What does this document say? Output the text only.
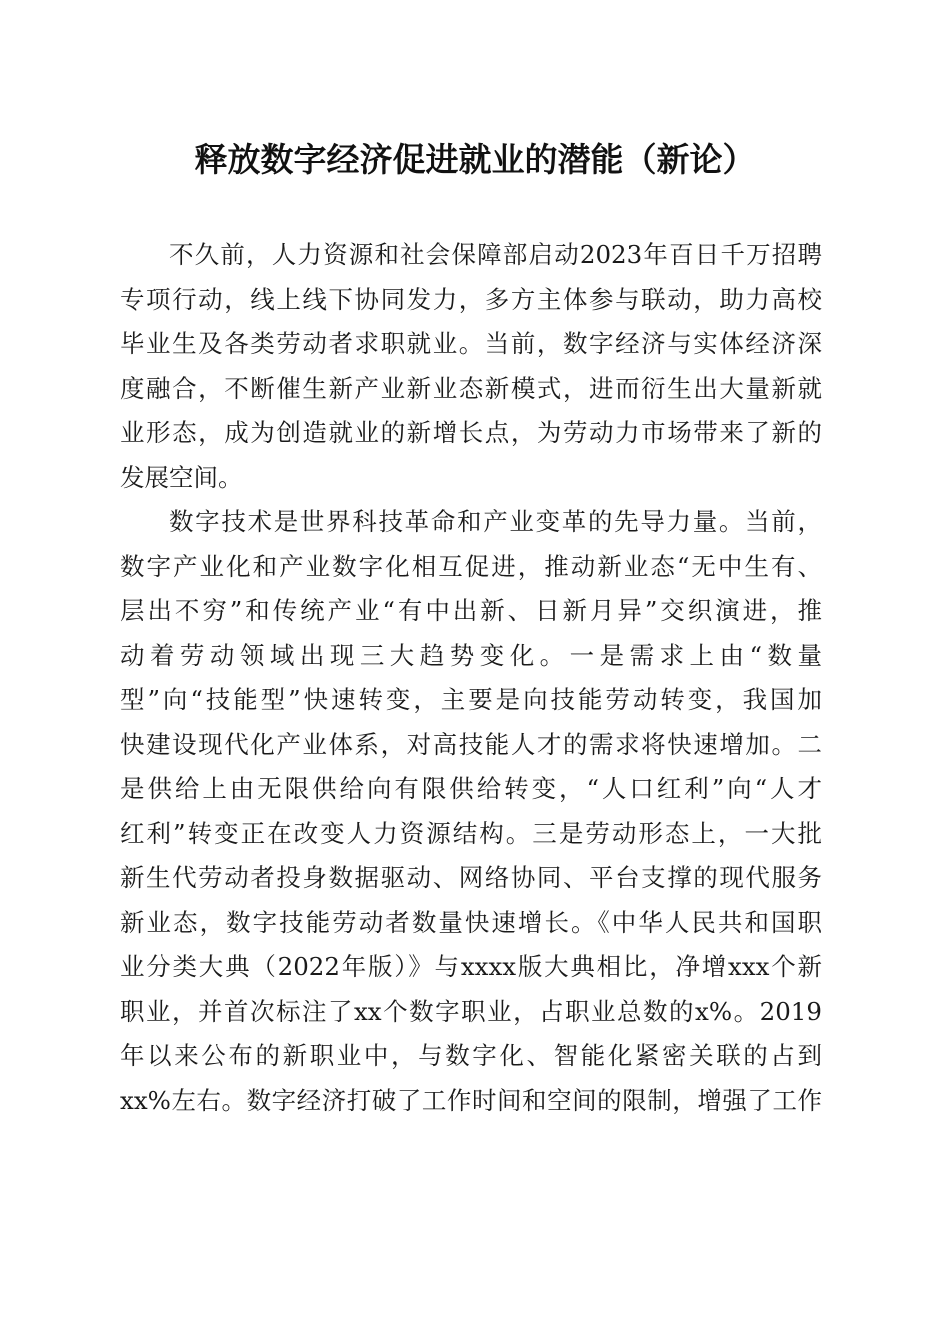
释放数字经济促进就业的潜能（新论）
不久前，人力资源和社会保障部启动2023年百日千万招聘
专项行动，线上线下协同发力，多方主体参与联动，助力高校
毕业生及各类劳动者求职就业。当前，数字经济与实体经济深
度融合，不断催生新产业新业态新模式，进而衍生出大量新就
业形态，成为创造就业的新增长点，为劳动力市场带来了新的
发展空间。
数字技术是世界科技革命和产业变革的先导力量。当前，
数字产业化和产业数字化相互促进，推动新业态“无中生有、
层出不穷”和传统产业“有中出新、日新月异”交织演进，推
动着劳动领域出现三大趋势变化。一是需求上由“数量
型”向“技能型”快速转变，主要是向技能劳动转变，我国加
快建设现代化产业体系，对高技能人才的需求将快速增加。二
是供给上由无限供给向有限供给转变，“人口红利”向“人才
红利”转变正在改变人力资源结构。三是劳动形态上，一大批
新生代劳动者投身数据驱动、网络协同、平台支撑的现代服务
新业态，数字技能劳动者数量快速增长。《中华人民共和国职
业分类大典（2022年版）》与xxxx版大典相比，净增xxx个新
职业，并首次标注了xx个数字职业，占职业总数的x%。2019
年以来公布的新职业中，与数字化、智能化紧密关联的占到
xx%左右。数字经济打破了工作时间和空间的限制，增强了工作
